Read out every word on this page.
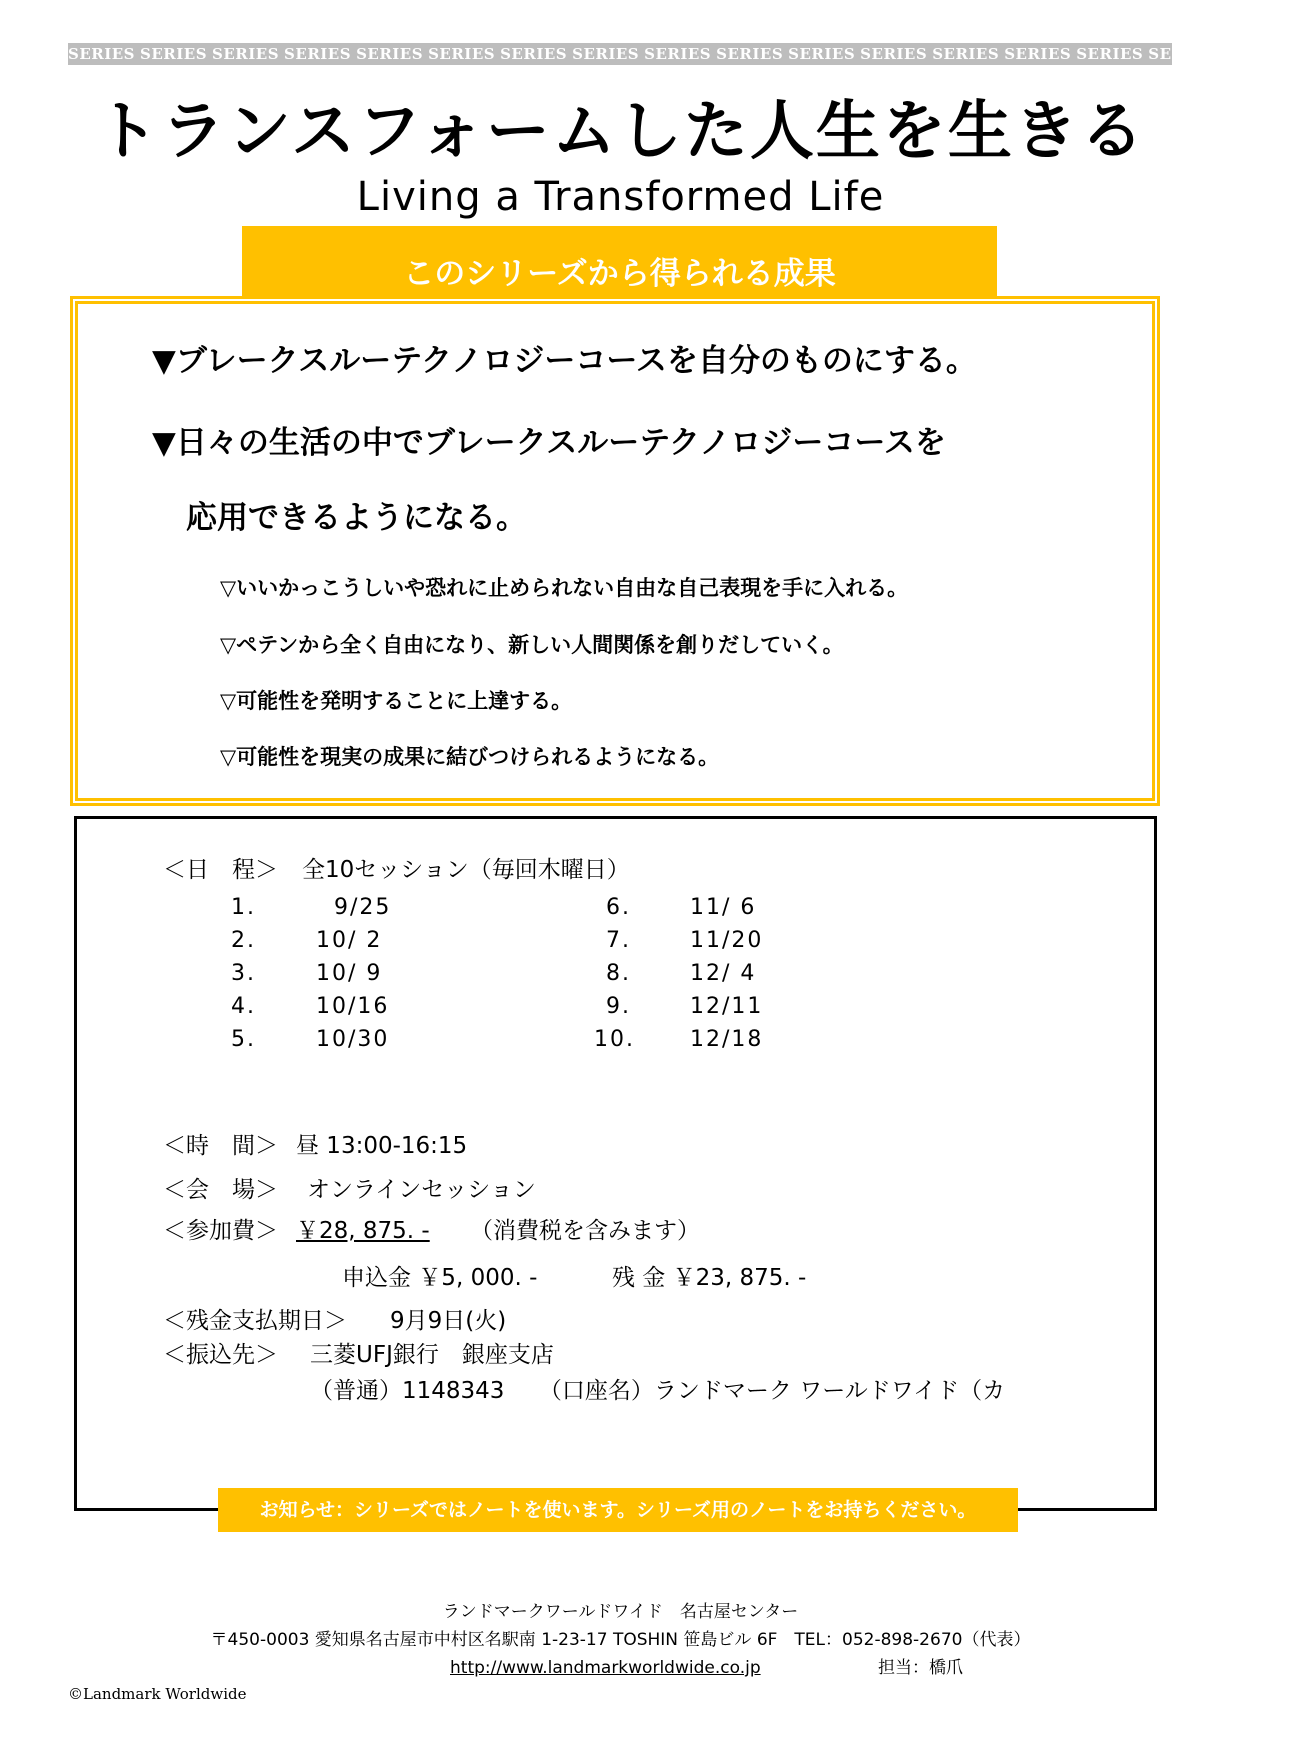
SERIES SERIES SERIES SERIES SERIES SERIES SERIES SERIES SERIES SERIES SERIES SERIES SERIES SERIES SERIES SERIES SERIES
トランスフォームした人生を生きる
Living a Transformed Life
このシリーズから得られる成果
▼ブレークスルーテクノロジーコースを自分のものにする。
▼日々の生活の中でブレークスルーテクノロジーコースを
応用できるようになる。
▽いいかっこうしいや恐れに止められない自由な自己表現を手に入れる。
▽ペテンから全く自由になり、新しい人間関係を創りだしていく。
▽可能性を発明することに上達する。
▽可能性を現実の成果に結びつけられるようになる。
＜日　程＞ 全10セッション（毎回木曜日）
1.	9/25
2.	10/ 2
3.	10/ 9
4.	10/16
5.	10/30
6.	11/ 6
7.	11/20
8.	12/ 4
9.	12/11
10.	12/18
＜時　間＞ 昼 13:00-16:15
＜会　場＞ オンラインセッション
＜参加費＞ ￥28, 875. - （消費税を含みます）
申込金 ￥5, 000. -	残 金 ￥23, 875. -
＜残金支払期日＞ 9月9日(火)
＜振込先＞ 三菱UFJ銀行　銀座支店
（普通）1148343　　（口座名）ランドマーク ワールドワイド（カ
お知らせ：シリーズではノートを使います。シリーズ用のノートをお持ちください。
ランドマークワールドワイド　名古屋センター
〒450-0003 愛知県名古屋市中村区名駅南 1-23-17 TOSHIN 笹島ビル 6F　TEL：052-898-2670（代表）
http://www.landmarkworldwide.co.jp	担当：橋爪
©Landmark Worldwide
